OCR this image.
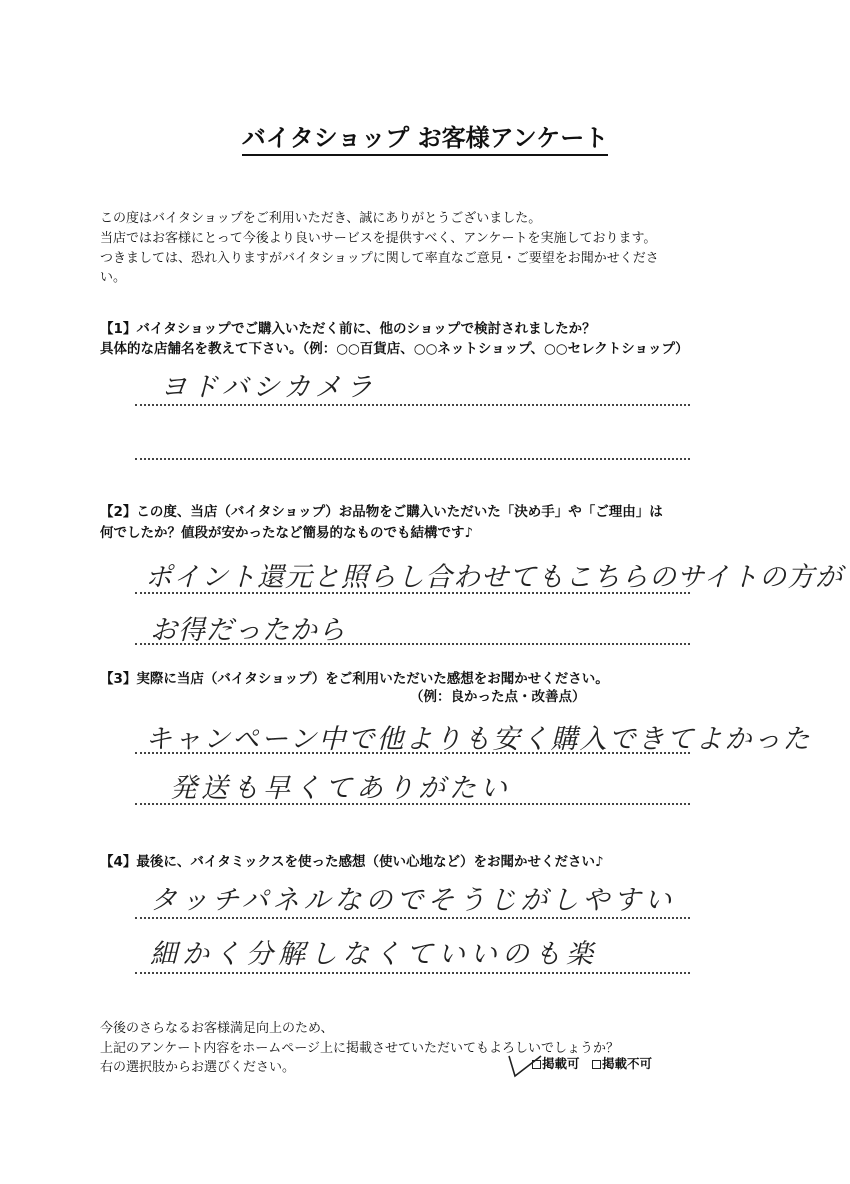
バイタショップ お客様アンケート
この度はバイタショップをご利用いただき、誠にありがとうございました。
当店ではお客様にとって今後より良いサービスを提供すべく、アンケートを実施しております。
つきましては、恐れ入りますがバイタショップに関して率直なご意見・ご要望をお聞かせくださ
い。
【1】バイタショップでご購入いただく前に、他のショップで検討されましたか？
具体的な店舗名を教えて下さい。（例：○○百貨店、○○ネットショップ、○○セレクトショップ）
ヨドバシカメラ
【2】この度、当店（バイタショップ）お品物をご購入いただいた「決め手」や「ご理由」は
何でしたか？値段が安かったなど簡易的なものでも結構です♪
ポイント還元と照らし合わせてもこちらのサイトの方が
お得だったから
【3】実際に当店（バイタショップ）をご利用いただいた感想をお聞かせください。
（例：良かった点・改善点）
キャンペーン中で他よりも安く購入できてよかった
発送も早くてありがたい
【4】最後に、バイタミックスを使った感想（使い心地など）をお聞かせください♪
タッチパネルなのでそうじがしやすい
細かく分解しなくていいのも楽
今後のさらなるお客様満足向上のため、
上記のアンケート内容をホームページ上に掲載させていただいてもよろしいでしょうか？
右の選択肢からお選びください。	掲載可	掲載不可
